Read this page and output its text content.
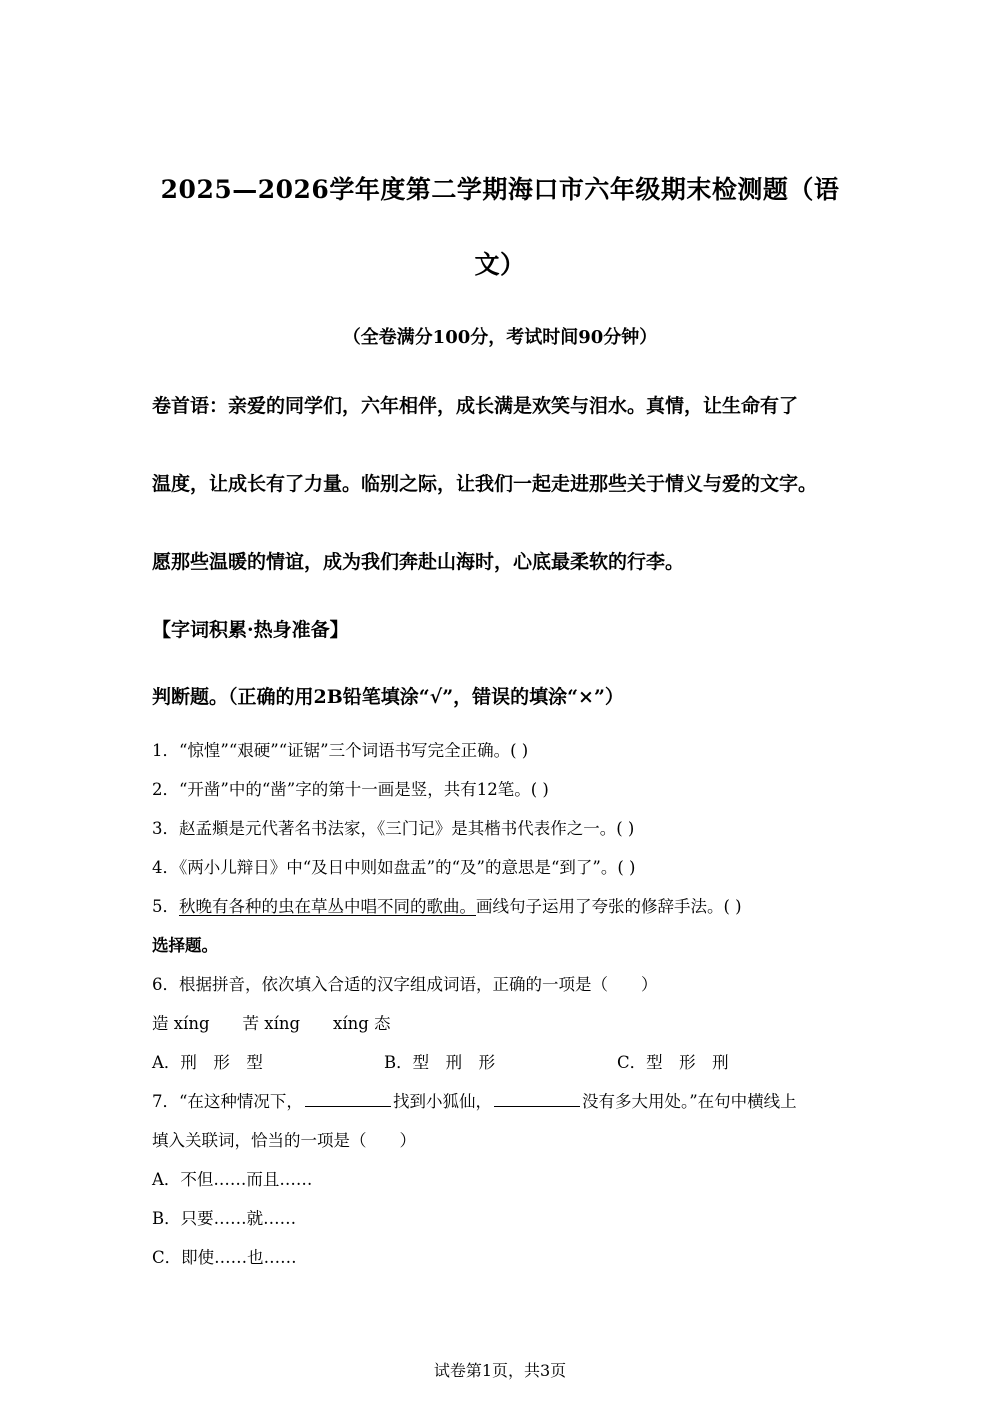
2025—2026学年度第二学期海口市六年级期末检测题（语
文）
（全卷满分100分，考试时间90分钟）
卷首语：亲爱的同学们，六年相伴，成长满是欢笑与泪水。真情，让生命有了
温度，让成长有了力量。临别之际，让我们一起走进那些关于情义与爱的文字。
愿那些温暖的情谊，成为我们奔赴山海时，心底最柔软的行李。
【字词积累·热身准备】
判断题。（正确的用2B铅笔填涂“√”，错误的填涂“×”）
1．“惊惶”“艰硬”“证锯”三个词语书写完全正确。( )
2．“开凿”中的“凿”字的第十一画是竖，共有12笔。( )
3．赵孟頫是元代著名书法家，《三门记》是其楷书代表作之一。( )
4．《两小儿辩日》中“及日中则如盘盂”的“及”的意思是“到了”。( )
5．秋晚有各种的虫在草丛中唱不同的歌曲。画线句子运用了夸张的修辞手法。( )
选择题。
6．根据拼音，依次填入合适的汉字组成词语，正确的一项是（　　）
造 xíng　　苦 xíng　　xíng 态
A．刑　形　型	B．型　刑　形	C．型　形　刑
7．“在这种情况下，	找到小狐仙，	没有多大用处。”在句中横线上
填入关联词，恰当的一项是（　　）
A．不但……而且……
B．只要……就……
C．即使……也……
试卷第1页，共3页
